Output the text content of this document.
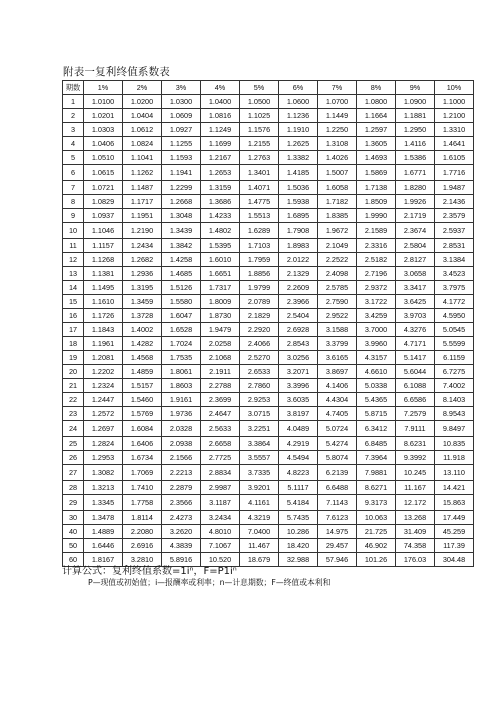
附表一复利终值系数表
期数	1%	2%	3%	4%	5%	6%	7%	8%	9%	10%
1	1.0100	1.0200	1.0300	1.0400	1.0500	1.0600	1.0700	1.0800	1.0900	1.1000
2	1.0201	1.0404	1.0609	1.0816	1.1025	1.1236	1.1449	1.1664	1.1881	1.2100
3	1.0303	1.0612	1.0927	1.1249	1.1576	1.1910	1.2250	1.2597	1.2950	1.3310
4	1.0406	1.0824	1.1255	1.1699	1.2155	1.2625	1.3108	1.3605	1.4116	1.4641
5	1.0510	1.1041	1.1593	1.2167	1.2763	1.3382	1.4026	1.4693	1.5386	1.6105
6	1.0615	1.1262	1.1941	1.2653	1.3401	1.4185	1.5007	1.5869	1.6771	1.7716
7	1.0721	1.1487	1.2299	1.3159	1.4071	1.5036	1.6058	1.7138	1.8280	1.9487
8	1.0829	1.1717	1.2668	1.3686	1.4775	1.5938	1.7182	1.8509	1.9926	2.1436
9	1.0937	1.1951	1.3048	1.4233	1.5513	1.6895	1.8385	1.9990	2.1719	2.3579
10	1.1046	1.2190	1.3439	1.4802	1.6289	1.7908	1.9672	2.1589	2.3674	2.5937
11	1.1157	1.2434	1.3842	1.5395	1.7103	1.8983	2.1049	2.3316	2.5804	2.8531
12	1.1268	1.2682	1.4258	1.6010	1.7959	2.0122	2.2522	2.5182	2.8127	3.1384
13	1.1381	1.2936	1.4685	1.6651	1.8856	2.1329	2.4098	2.7196	3.0658	3.4523
14	1.1495	1.3195	1.5126	1.7317	1.9799	2.2609	2.5785	2.9372	3.3417	3.7975
15	1.1610	1.3459	1.5580	1.8009	2.0789	2.3966	2.7590	3.1722	3.6425	4.1772
16	1.1726	1.3728	1.6047	1.8730	2.1829	2.5404	2.9522	3.4259	3.9703	4.5950
17	1.1843	1.4002	1.6528	1.9479	2.2920	2.6928	3.1588	3.7000	4.3276	5.0545
18	1.1961	1.4282	1.7024	2.0258	2.4066	2.8543	3.3799	3.9960	4.7171	5.5599
19	1.2081	1.4568	1.7535	2.1068	2.5270	3.0256	3.6165	4.3157	5.1417	6.1159
20	1.2202	1.4859	1.8061	2.1911	2.6533	3.2071	3.8697	4.6610	5.6044	6.7275
21	1.2324	1.5157	1.8603	2.2788	2.7860	3.3996	4.1406	5.0338	6.1088	7.4002
22	1.2447	1.5460	1.9161	2.3699	2.9253	3.6035	4.4304	5.4365	6.6586	8.1403
23	1.2572	1.5769	1.9736	2.4647	3.0715	3.8197	4.7405	5.8715	7.2579	8.9543
24	1.2697	1.6084	2.0328	2.5633	3.2251	4.0489	5.0724	6.3412	7.9111	9.8497
25	1.2824	1.6406	2.0938	2.6658	3.3864	4.2919	5.4274	6.8485	8.6231	10.835
26	1.2953	1.6734	2.1566	2.7725	3.5557	4.5494	5.8074	7.3964	9.3992	11.918
27	1.3082	1.7069	2.2213	2.8834	3.7335	4.8223	6.2139	7.9881	10.245	13.110
28	1.3213	1.7410	2.2879	2.9987	3.9201	5.1117	6.6488	8.6271	11.167	14.421
29	1.3345	1.7758	2.3566	3.1187	4.1161	5.4184	7.1143	9.3173	12.172	15.863
30	1.3478	1.8114	2.4273	3.2434	4.3219	5.7435	7.6123	10.063	13.268	17.449
40	1.4889	2.2080	3.2620	4.8010	7.0400	10.286	14.975	21.725	31.409	45.259
50	1.6446	2.6916	4.3839	7.1067	11.467	18.420	29.457	46.902	74.358	117.39
60	1.8167	3.2810	5.8916	10.520	18.679	32.988	57.946	101.26	176.03	304.48
计算公式：复利终值系数=1iⁿ，F=P1iⁿ
P—现值或初始值；i—报酬率或利率；n—计息期数；F—终值或本利和
